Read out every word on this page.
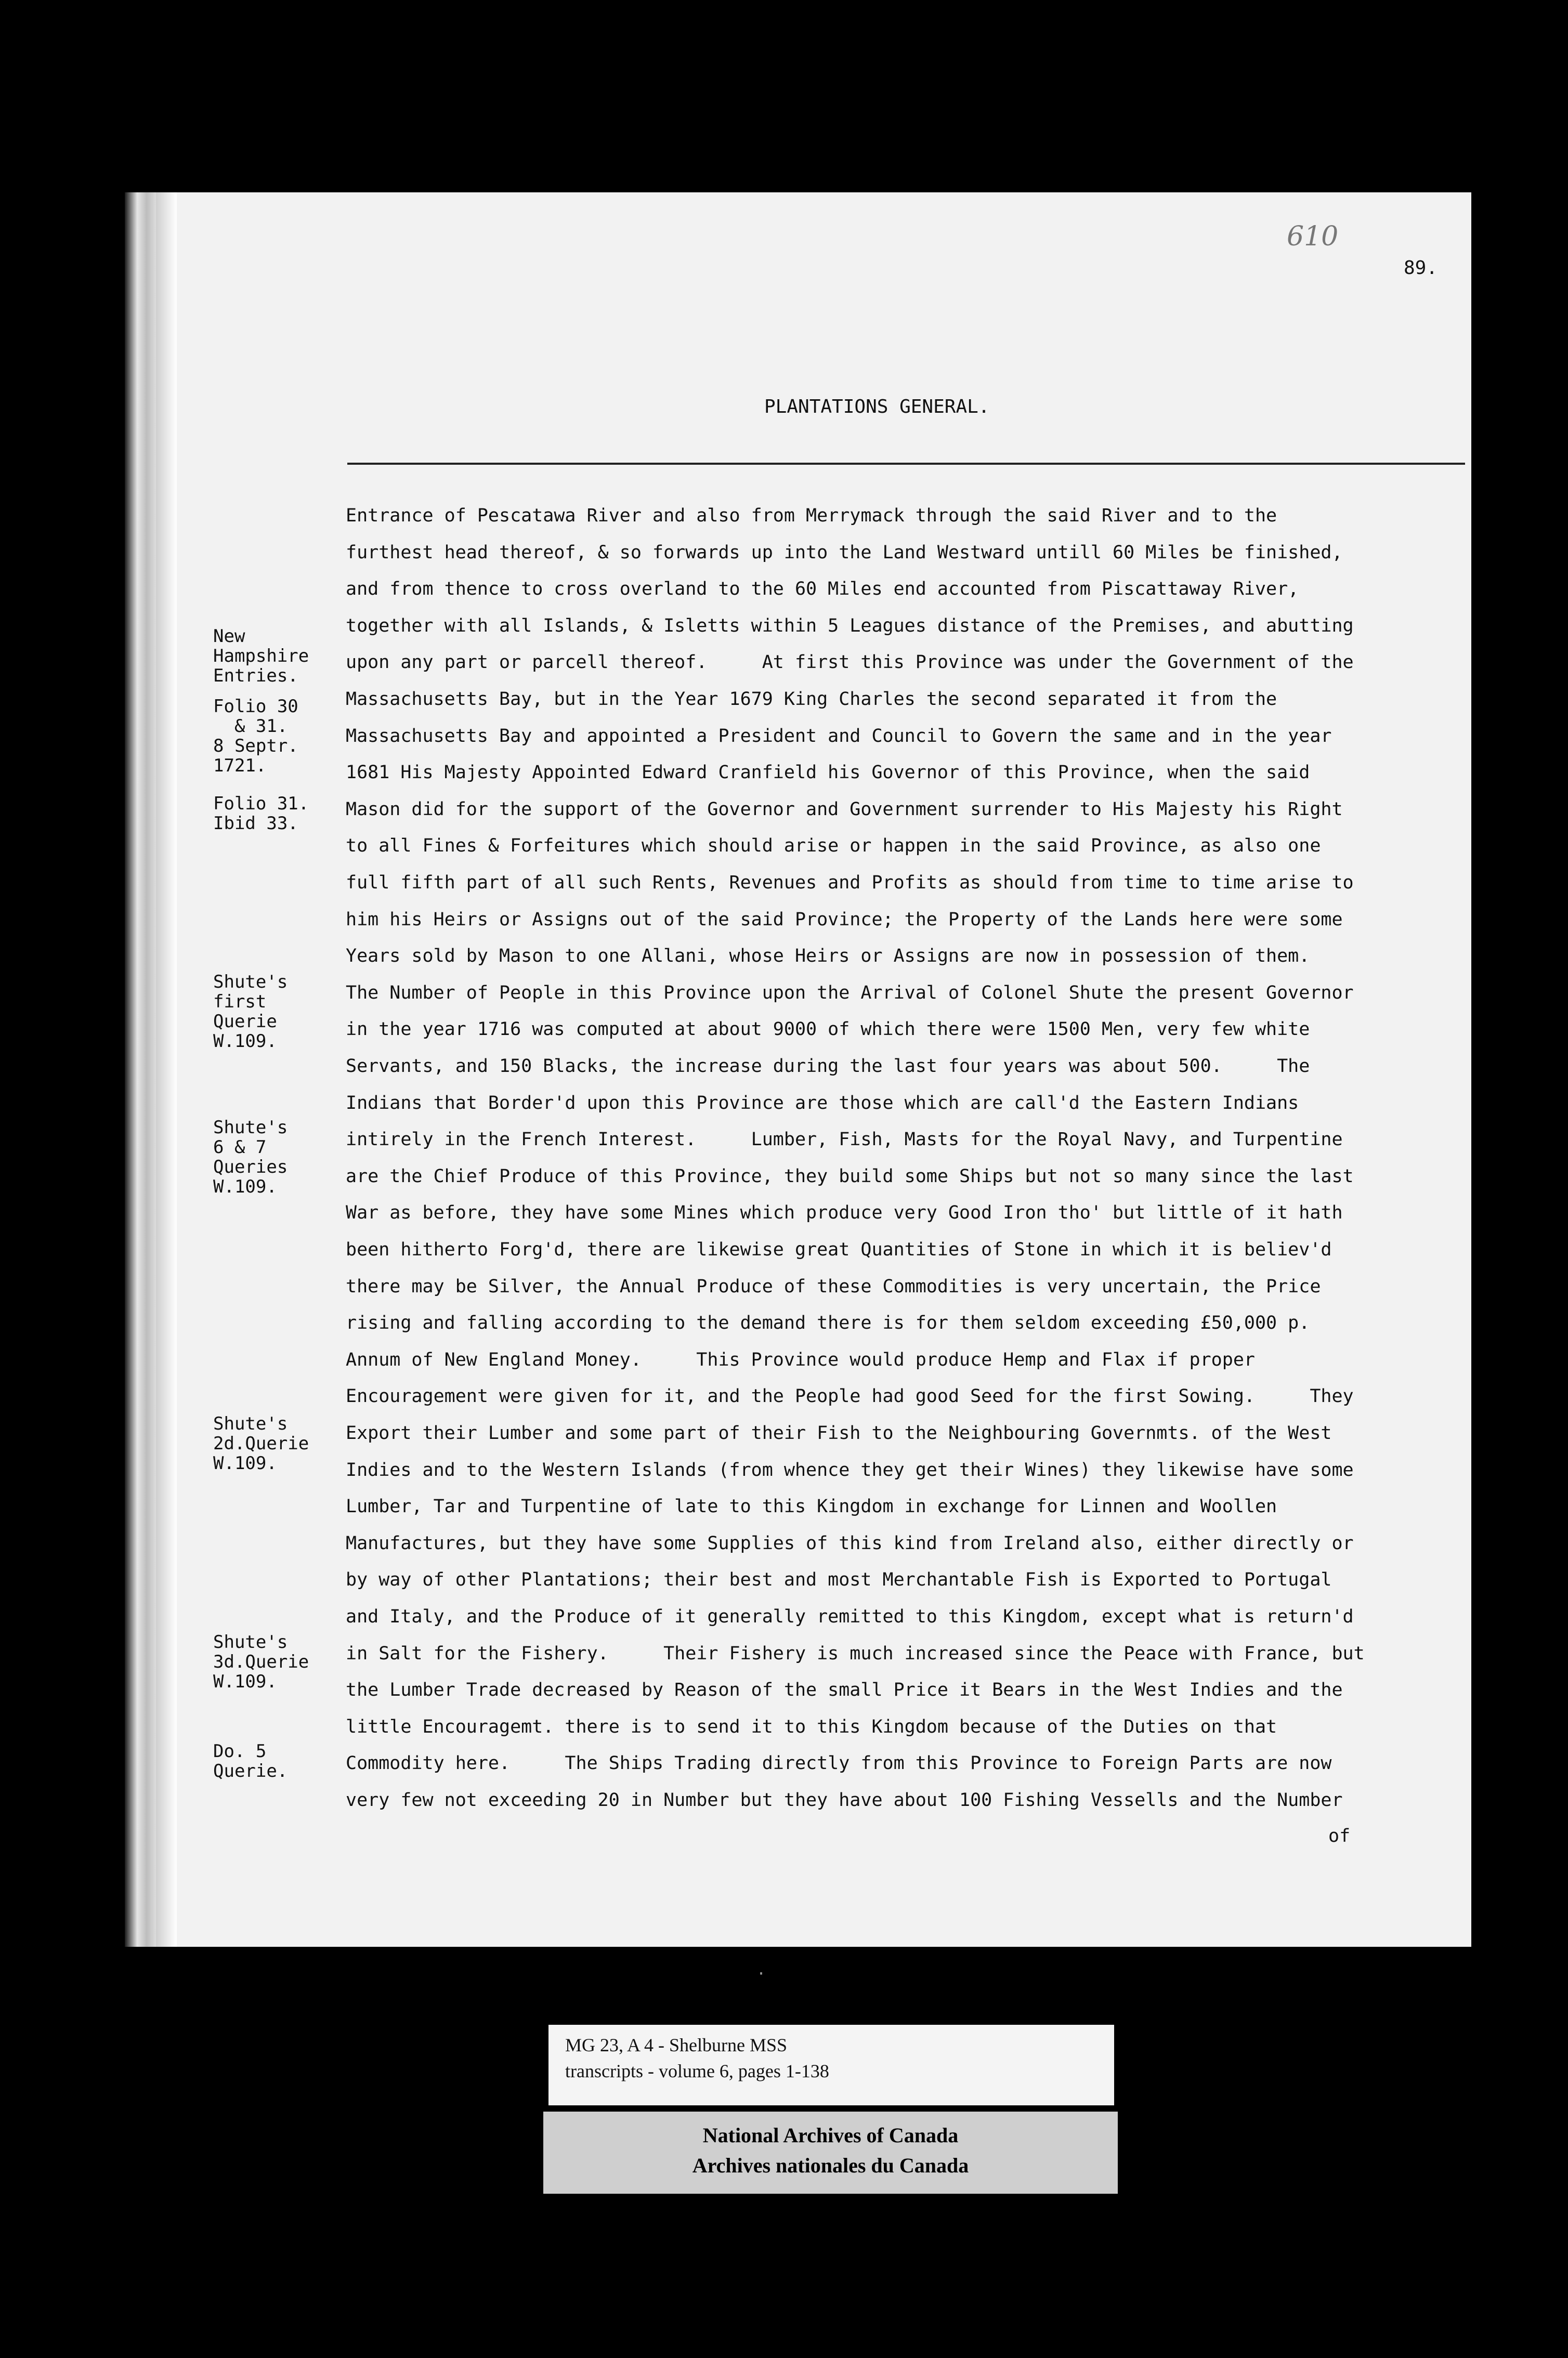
610
89.
PLANTATIONS GENERAL.
Entrance of Pescatawa River and also from Merrymack through the said River and to the
furthest head thereof, & so forwards up into the Land Westward untill 60 Miles be finished,
and from thence to cross overland to the 60 Miles end accounted from Piscattaway River,
together with all Islands, & Isletts within 5 Leagues distance of the Premises, and abutting
upon any part or parcell thereof.     At first this Province was under the Government of the
Massachusetts Bay, but in the Year 1679 King Charles the second separated it from the
Massachusetts Bay and appointed a President and Council to Govern the same and in the year
1681 His Majesty Appointed Edward Cranfield his Governor of this Province, when the said
Mason did for the support of the Governor and Government surrender to His Majesty his Right
to all Fines & Forfeitures which should arise or happen in the said Province, as also one
full fifth part of all such Rents, Revenues and Profits as should from time to time arise to
him his Heirs or Assigns out of the said Province; the Property of the Lands here were some
Years sold by Mason to one Allani, whose Heirs or Assigns are now in possession of them.
The Number of People in this Province upon the Arrival of Colonel Shute the present Governor
in the year 1716 was computed at about 9000 of which there were 1500 Men, very few white
Servants, and 150 Blacks, the increase during the last four years was about 500.     The
Indians that Border'd upon this Province are those which are call'd the Eastern Indians
intirely in the French Interest.     Lumber, Fish, Masts for the Royal Navy, and Turpentine
are the Chief Produce of this Province, they build some Ships but not so many since the last
War as before, they have some Mines which produce very Good Iron tho' but little of it hath
been hitherto Forg'd, there are likewise great Quantities of Stone in which it is believ'd
there may be Silver, the Annual Produce of these Commodities is very uncertain, the Price
rising and falling according to the demand there is for them seldom exceeding £50,000 p.
Annum of New England Money.     This Province would produce Hemp and Flax if proper
Encouragement were given for it, and the People had good Seed for the first Sowing.     They
Export their Lumber and some part of their Fish to the Neighbouring Governmts. of the West
Indies and to the Western Islands (from whence they get their Wines) they likewise have some
Lumber, Tar and Turpentine of late to this Kingdom in exchange for Linnen and Woollen
Manufactures, but they have some Supplies of this kind from Ireland also, either directly or
by way of other Plantations; their best and most Merchantable Fish is Exported to Portugal
and Italy, and the Produce of it generally remitted to this Kingdom, except what is return'd
in Salt for the Fishery.     Their Fishery is much increased since the Peace with France, but
the Lumber Trade decreased by Reason of the small Price it Bears in the West Indies and the
little Encouragemt. there is to send it to this Kingdom because of the Duties on that
Commodity here.     The Ships Trading directly from this Province to Foreign Parts are now
very few not exceeding 20 in Number but they have about 100 Fishing Vessells and the Number
New
Hampshire
Entries.
Folio 30
& 31.
8 Septr.
1721.
Folio 31.
Ibid 33.
Shute's
first
Querie
W.109.
Shute's
6 & 7
Queries
W.109.
Shute's
2d.Querie
W.109.
Shute's
3d.Querie
W.109.
Do. 5
Querie.
of
·
MG 23, A 4 - Shelburne MSS
transcripts - volume 6, pages 1-138
National Archives of Canada
Archives nationales du Canada
